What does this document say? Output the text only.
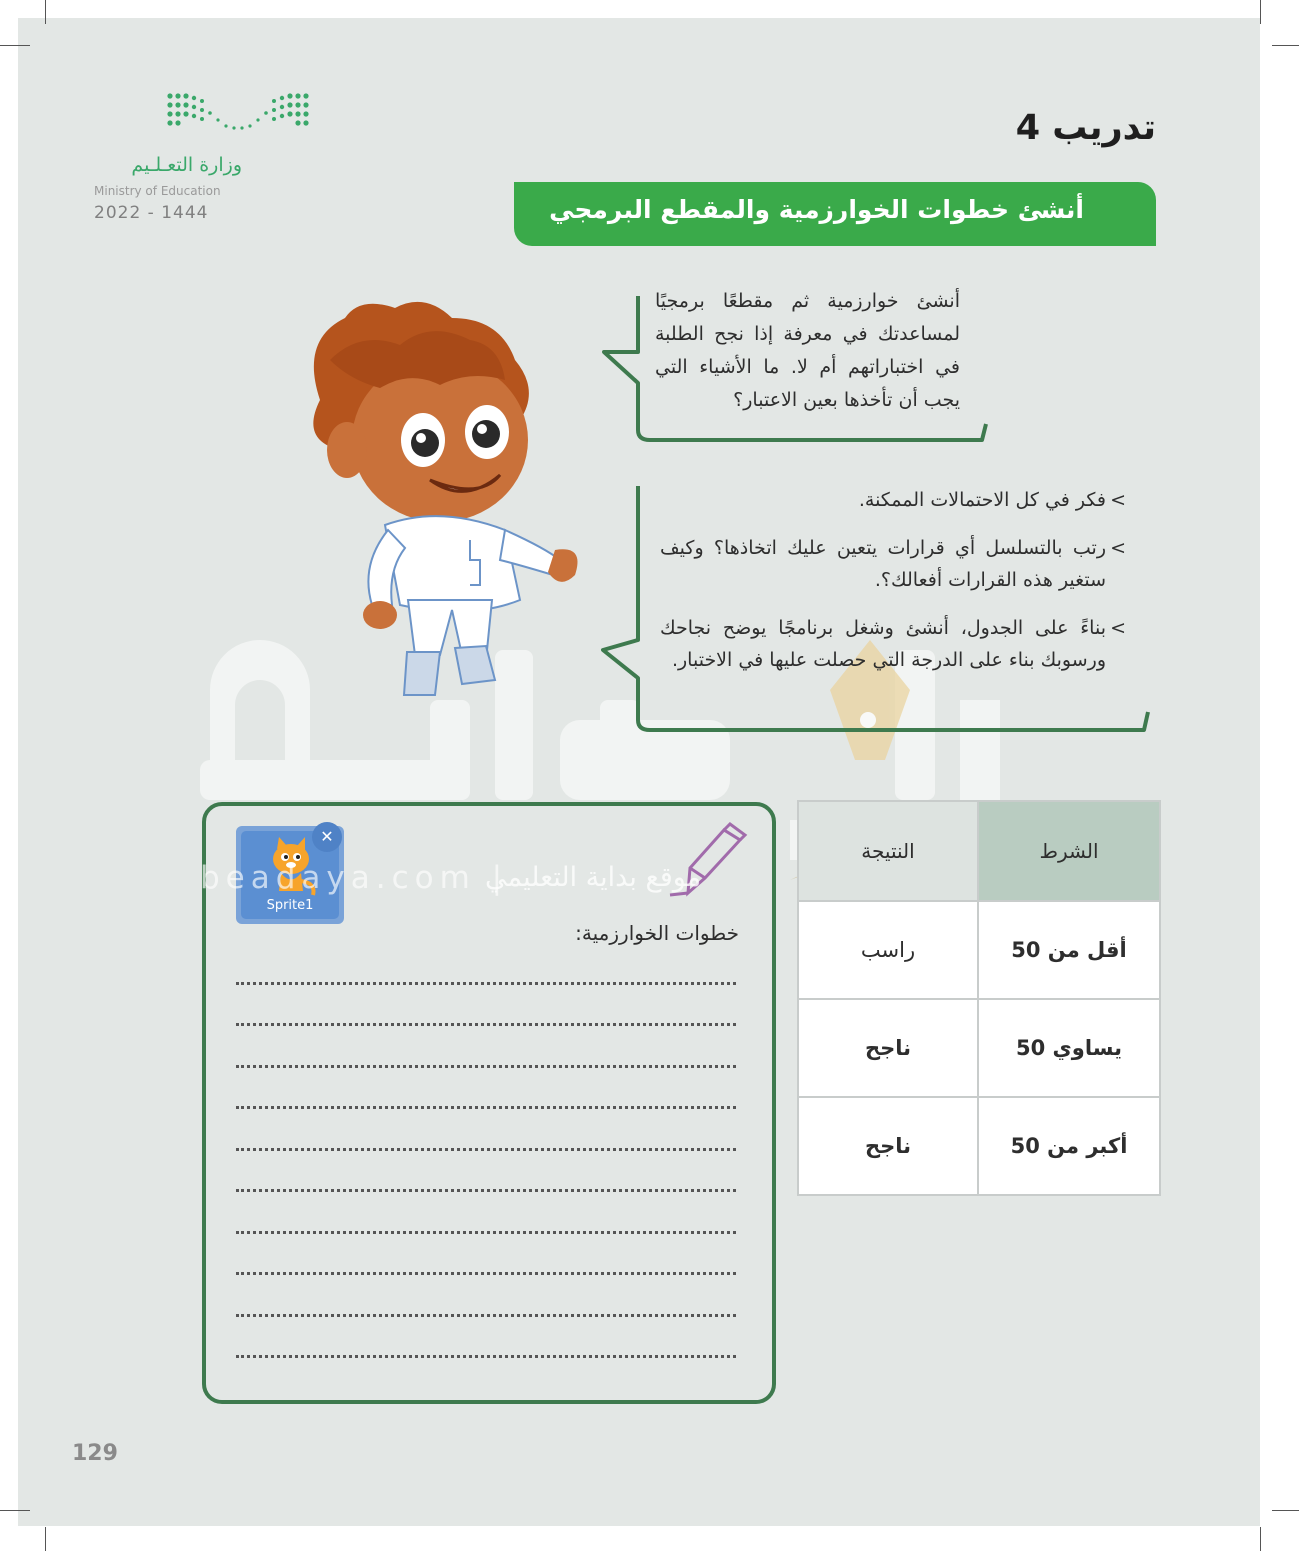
وزارة التعـلـيم
Ministry of Education
2022 - 1444
تدريب 4
أنشئ خطوات الخوارزمية والمقطع البرمجي
أنشئ خوارزمية ثم مقطعًا برمجيًا لمساعدتك في معرفة إذا نجح الطلبة في اختباراتهم أم لا. ما الأشياء التي يجب أن تأخذها بعين الاعتبار؟
>
فكر في كل الاحتمالات الممكنة.
>
رتب بالتسلسل أي قرارات يتعين عليك اتخاذها؟ وكيف ستغير هذه القرارات أفعالك؟.
>
بناءً على الجدول، أنشئ وشغل برنامجًا يوضح نجاحك ورسوبك بناء على الدرجة التي حصلت عليها في الاختبار.
Sprite1
✕
beadaya.com |
موقع بداية التعليمي
خطوات الخوارزمية:
الشرط	النتيجة
أقل من 50	راسب
يساوي 50	ناجح
أكبر من 50	ناجح
129
